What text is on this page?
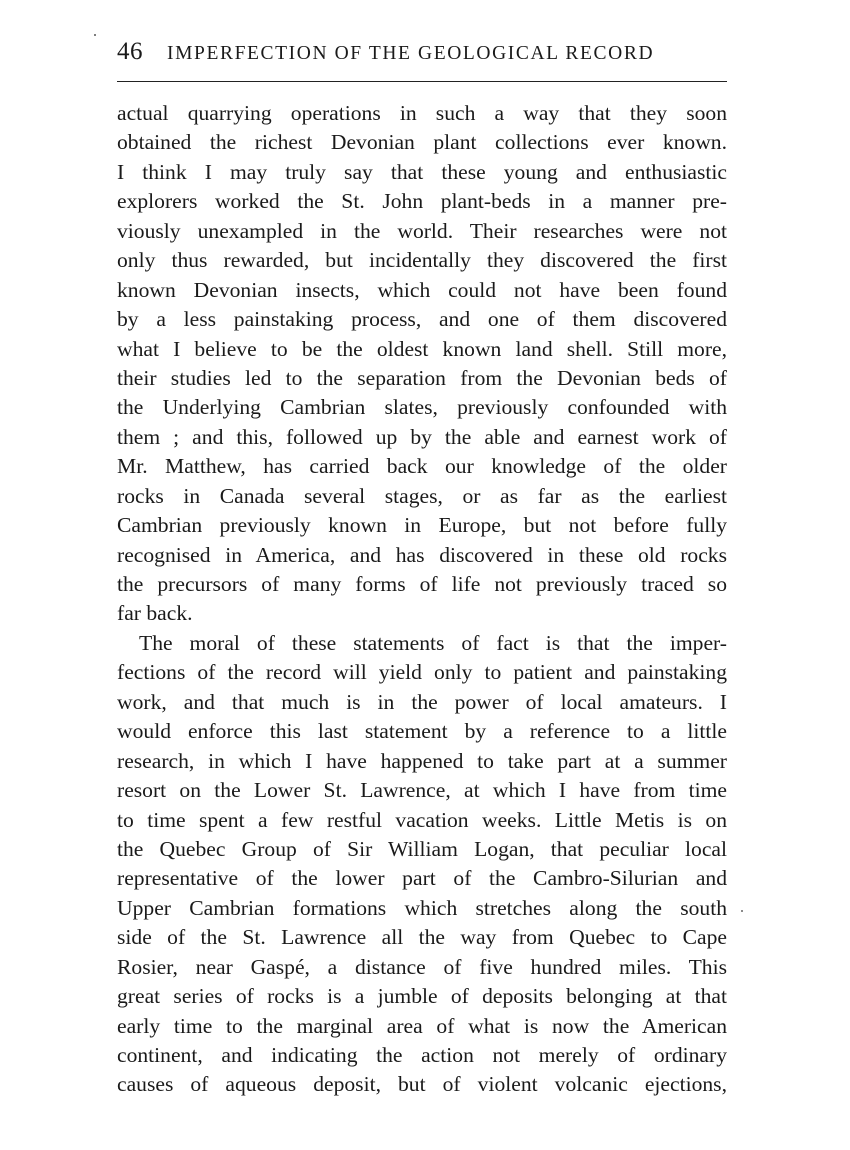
46 IMPERFECTION OF THE GEOLOGICAL RECORD
actual quarrying operations in such a way that they soon
obtained the richest Devonian plant collections ever known.
I think I may truly say that these young and enthusiastic
explorers worked the St. John plant-beds in a manner pre-
viously unexampled in the world. Their researches were not
only thus rewarded, but incidentally they discovered the first
known Devonian insects, which could not have been found
by a less painstaking process, and one of them discovered
what I believe to be the oldest known land shell. Still more,
their studies led to the separation from the Devonian beds of
the Underlying Cambrian slates, previously confounded with
them ; and this, followed up by the able and earnest work of
Mr. Matthew, has carried back our knowledge of the older
rocks in Canada several stages, or as far as the earliest
Cambrian previously known in Europe, but not before fully
recognised in America, and has discovered in these old rocks
the precursors of many forms of life not previously traced so
far back.
The moral of these statements of fact is that the imper-
fections of the record will yield only to patient and painstaking
work, and that much is in the power of local amateurs. I
would enforce this last statement by a reference to a little
research, in which I have happened to take part at a summer
resort on the Lower St. Lawrence, at which I have from time
to time spent a few restful vacation weeks. Little Metis is on
the Quebec Group of Sir William Logan, that peculiar local
representative of the lower part of the Cambro-Silurian and
Upper Cambrian formations which stretches along the south
side of the St. Lawrence all the way from Quebec to Cape
Rosier, near Gaspé, a distance of five hundred miles. This
great series of rocks is a jumble of deposits belonging at that
early time to the marginal area of what is now the American
continent, and indicating the action not merely of ordinary
causes of aqueous deposit, but of violent volcanic ejections,
